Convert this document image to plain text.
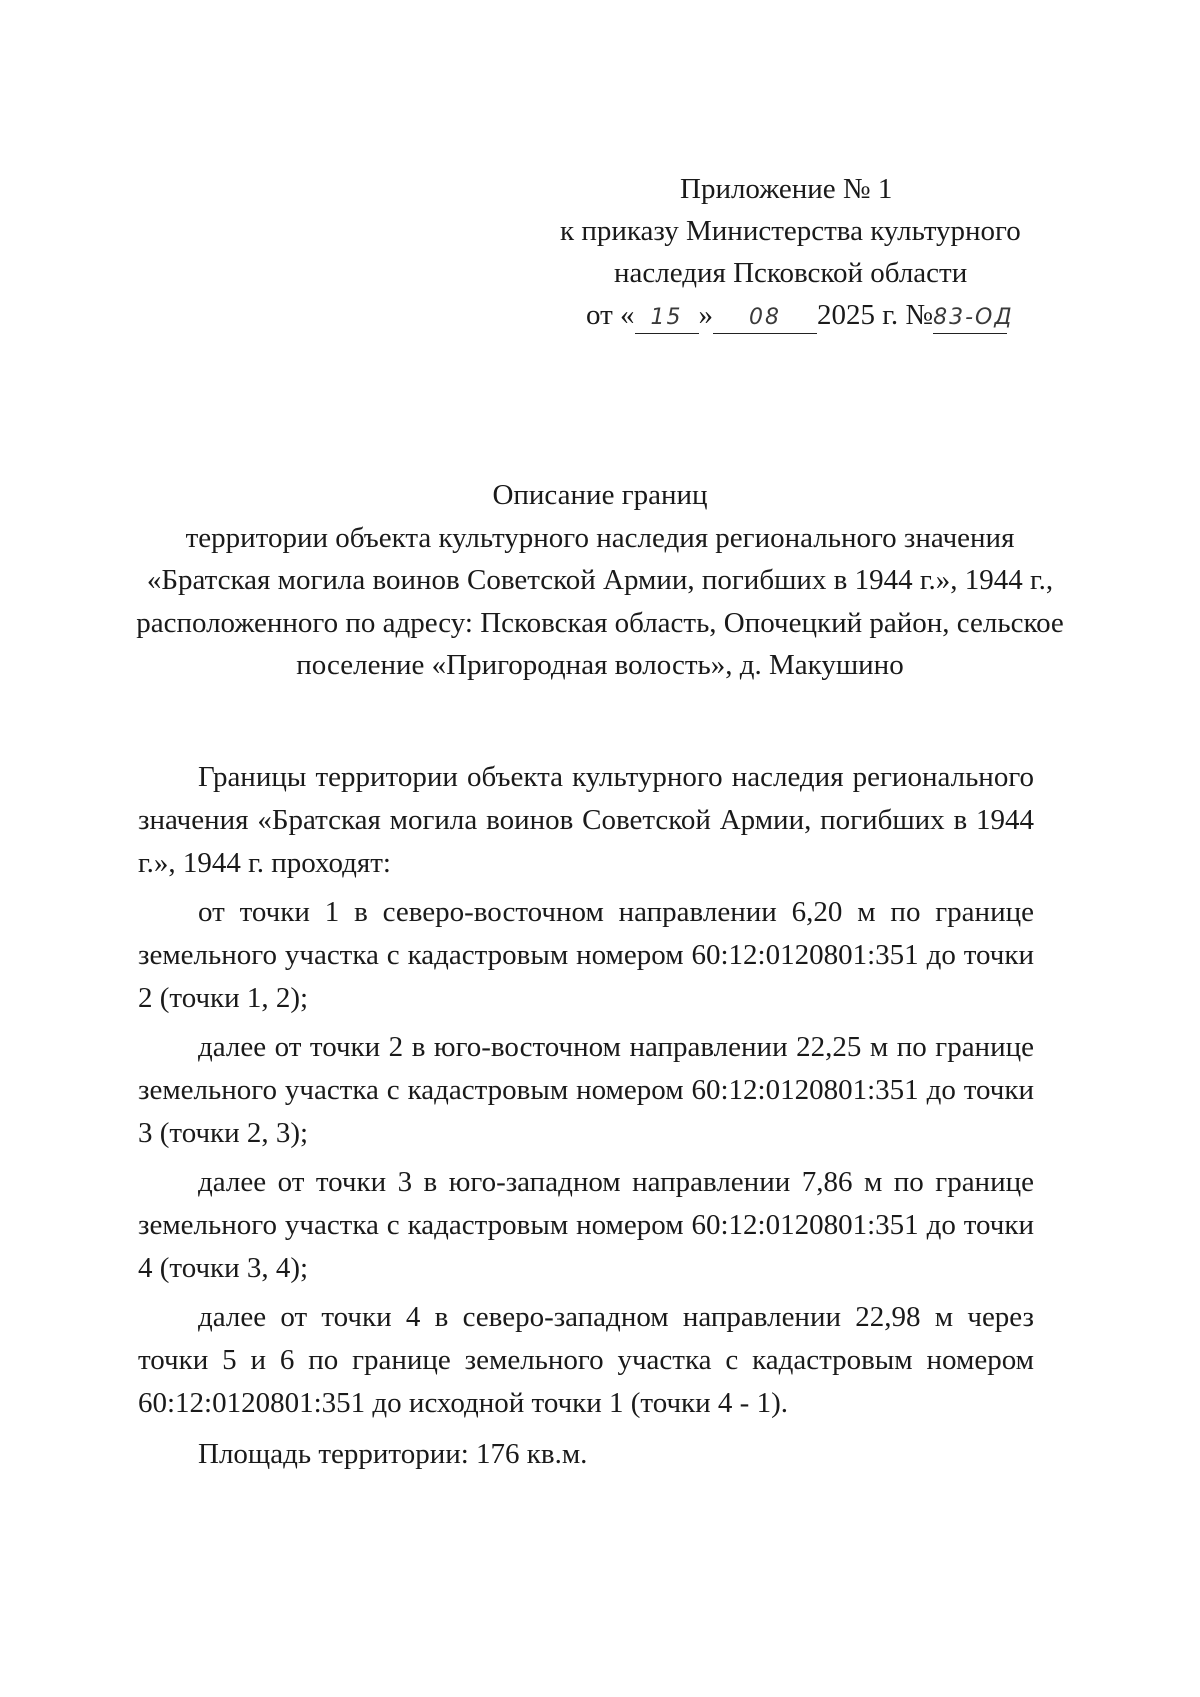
Приложение № 1
к приказу Министерства культурного
наследия Псковской области
от « 15 » 08 2025 г. №83-ОД
Описание границ
территории объекта культурного наследия регионального значения
«Братская могила воинов Советской Армии, погибших в 1944 г.», 1944 г.,
расположенного по адресу: Псковская область, Опочецкий район, сельское
поселение «Пригородная волость», д. Макушино

Границы территории объекта культурного наследия регионального значения «Братская могила воинов Советской Армии, погибших в 1944 г.», 1944 г. проходят:

от точки 1 в северо-восточном направлении 6,20 м по границе земельного участка с кадастровым номером 60:12:0120801:351 до точки 2 (точки 1, 2);

далее от точки 2 в юго-восточном направлении 22,25 м по границе земельного участка с кадастровым номером 60:12:0120801:351 до точки 3 (точки 2, 3);

далее от точки 3 в юго-западном направлении 7,86 м по границе земельного участка с кадастровым номером 60:12:0120801:351 до точки 4 (точки 3, 4);

далее от точки 4 в северо-западном направлении 22,98 м через точки 5 и 6 по границе земельного участка с кадастровым номером 60:12:0120801:351 до исходной точки 1 (точки 4 - 1).

Площадь территории: 176 кв.м.
